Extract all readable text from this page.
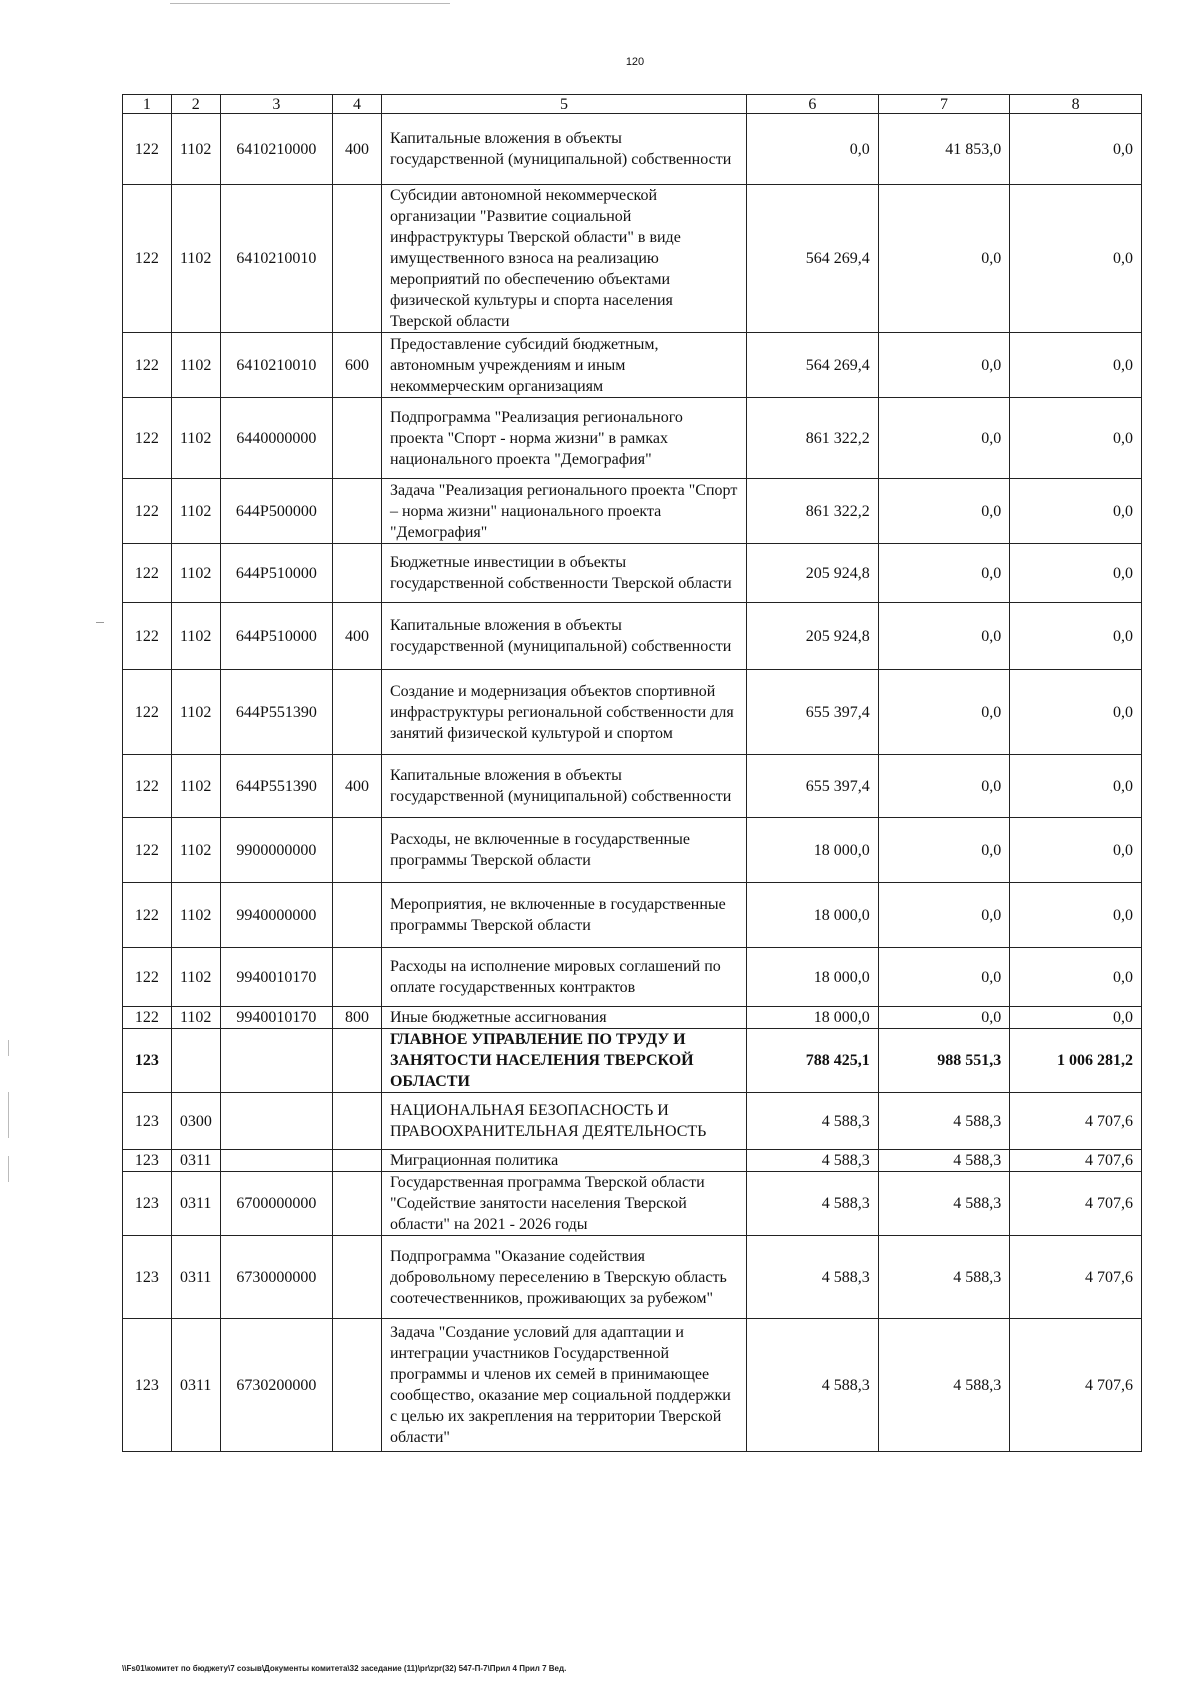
120
1	2	3	4	5	6	7	8
122	1102	6410210000	400	Капитальные вложения в объекты государственной (муниципальной) собственности	0,0	41 853,0	0,0
122	1102	6410210010		Субсидии автономной некоммерческой организации "Развитие социальной инфраструктуры Тверской области" в виде имущественного взноса на реализацию мероприятий по обеспечению объектами физической культуры и спорта населения Тверской области	564 269,4	0,0	0,0
122	1102	6410210010	600	Предоставление субсидий бюджетным, автономным учреждениям и иным некоммерческим организациям	564 269,4	0,0	0,0
122	1102	6440000000		Подпрограмма "Реализация регионального проекта "Спорт - норма жизни" в рамках национального проекта "Демография"	861 322,2	0,0	0,0
122	1102	644P500000		Задача "Реализация регионального проекта "Спорт – норма жизни" национального проекта "Демография"	861 322,2	0,0	0,0
122	1102	644P510000		Бюджетные инвестиции в объекты государственной собственности Тверской области	205 924,8	0,0	0,0
122	1102	644P510000	400	Капитальные вложения в объекты государственной (муниципальной) собственности	205 924,8	0,0	0,0
122	1102	644P551390		Создание и модернизация объектов спортивной инфраструктуры региональной собственности для занятий физической культурой и спортом	655 397,4	0,0	0,0
122	1102	644P551390	400	Капитальные вложения в объекты государственной (муниципальной) собственности	655 397,4	0,0	0,0
122	1102	9900000000		Расходы, не включенные в государственные программы Тверской области	18 000,0	0,0	0,0
122	1102	9940000000		Мероприятия, не включенные в государственные программы Тверской области	18 000,0	0,0	0,0
122	1102	9940010170		Расходы на исполнение мировых соглашений по оплате государственных контрактов	18 000,0	0,0	0,0
122	1102	9940010170	800	Иные бюджетные ассигнования	18 000,0	0,0	0,0
123				ГЛАВНОЕ УПРАВЛЕНИЕ ПО ТРУДУ И ЗАНЯТОСТИ НАСЕЛЕНИЯ ТВЕРСКОЙ ОБЛАСТИ	788 425,1	988 551,3	1 006 281,2
123	0300			НАЦИОНАЛЬНАЯ БЕЗОПАСНОСТЬ И ПРАВООХРАНИТЕЛЬНАЯ ДЕЯТЕЛЬНОСТЬ	4 588,3	4 588,3	4 707,6
123	0311			Миграционная политика	4 588,3	4 588,3	4 707,6
123	0311	6700000000		Государственная программа Тверской области "Содействие занятости населения Тверской области" на 2021 - 2026 годы	4 588,3	4 588,3	4 707,6
123	0311	6730000000		Подпрограмма "Оказание содействия добровольному переселению в Тверскую область соотечественников, проживающих за рубежом"	4 588,3	4 588,3	4 707,6
123	0311	6730200000		Задача "Создание условий для адаптации и интеграции участников Государственной программы и членов их семей в принимающее сообщество, оказание мер социальной поддержки с целью их закрепления на территории Тверской области"	4 588,3	4 588,3	4 707,6
\\Fs01\комитет по бюджету\7 созыв\Документы комитета\32 заседание (11)\pr\zpr(32) 547-П-7\Прил 4 Прил 7 Вед.
